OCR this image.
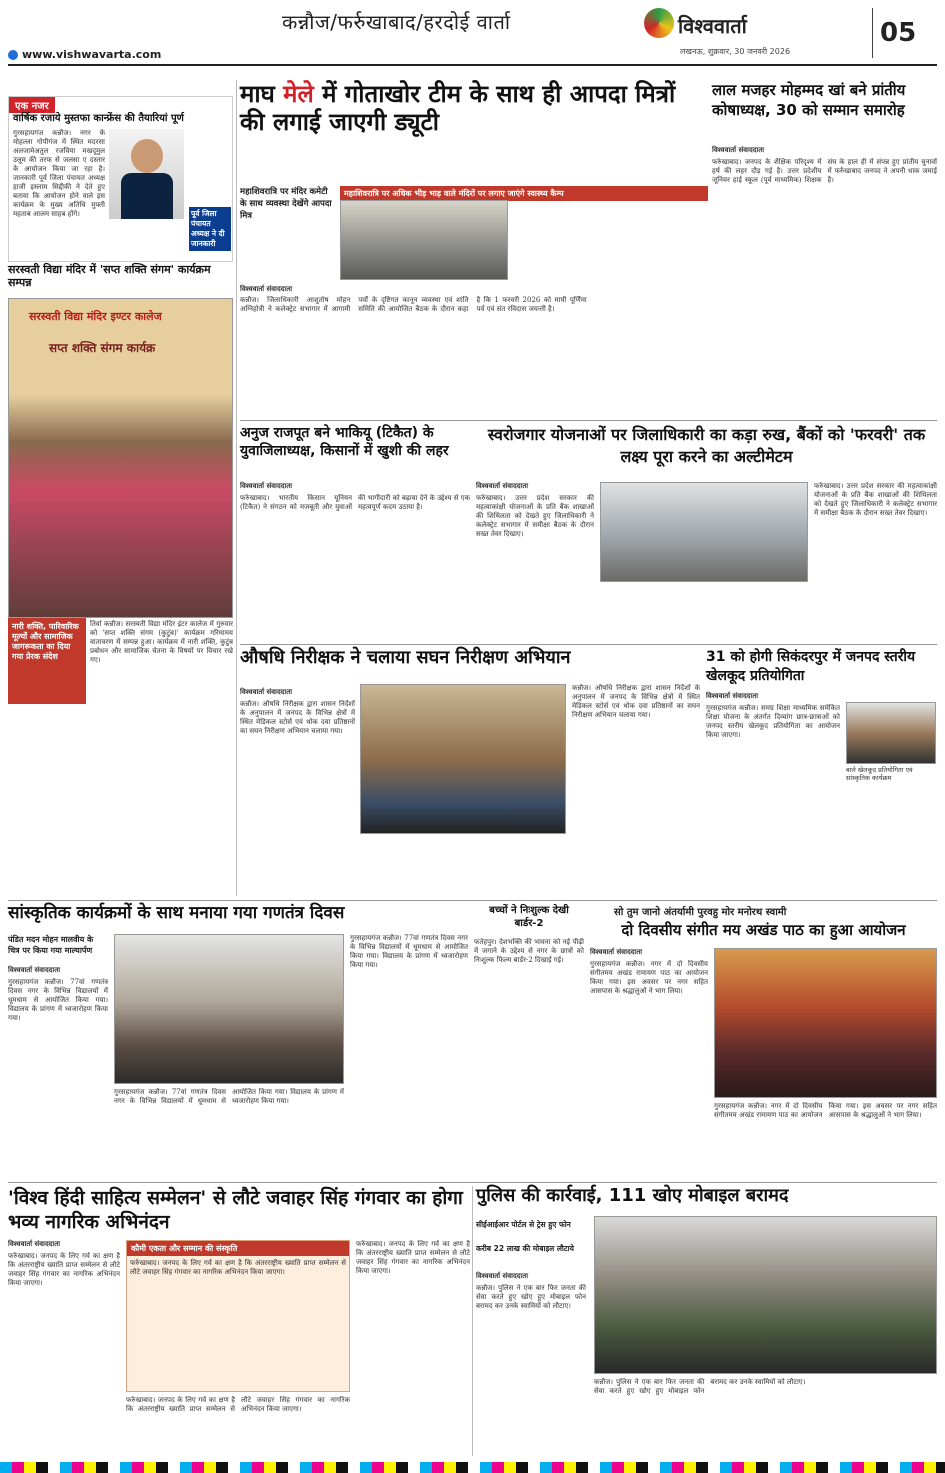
कन्नौज/फर्रुखाबाद/हरदोई वार्ता
www.vishwavarta.com
विश्ववार्ता
लखनऊ, शुक्रवार, 30 जनवरी 2026
05
एक नजर
वार्षिक रजाये मुस्तफा कान्फ्रेंस की तैयारियां पूर्ण
गुरसहायगंज कन्नौज। नगर के मोहल्ला गोपीगंज में स्थित मदरसा अलजामेअतुल रजविया मखदूमुल उलूम की तरफ से जलसा ए दस्तार के आयोजन किया जा रहा है। जानकारी पूर्व जिला पंचायत अध्यक्ष हाजी इस्लाम सिद्दीकी ने देते हुए बताया कि आयोजन होने वाले इस कार्यक्रम के मुख्य अतिथि मुफ्ती महताब आलम साहब होंगे।	पूर्व जिला पंचायत अध्यक्ष ने दी जानकारी
सरस्वती विद्या मंदिर में 'सप्त शक्ति संगम' कार्यक्रम सम्पन्न
सरस्वती विद्या मंदिर इण्टर कालेज
सप्त शक्ति संगम कार्यक्र
नारी शक्ति, पारिवारिक मूल्यों और सामाजिक जागरूकता का दिया गया प्रेरक संदेश
तिर्वा कन्नौज। सरस्वती विद्या मंदिर इंटर कालेज में गुरुवार को 'सप्त शक्ति संगम (कुटुंब)' कार्यक्रम गरिमामय वातावरण में सम्पन्न हुआ। कार्यक्रम में नारी शक्ति, कुटुंब प्रबोधन और सामाजिक चेतना के विषयों पर विचार रखे गए।
माघ मेले में गोताखोर टीम के साथ ही आपदा मित्रों की लगाई जाएगी ड्यूटी
महाशिवरात्रि पर मंदिर कमेटी के साथ व्यवस्था देखेंगे आपदा मित्र
महाशिवरात्रि पर अधिक भीड़ भाड़ वाले मंदिरों पर लगाए जाएंगे स्वास्थ्य कैम्प
विश्ववार्ता संवाददाता
कन्नौज। जिलाधिकारी आशुतोष मोहन अग्निहोत्री ने कलेक्ट्रेट सभागार में आगामी पर्वों के दृष्टिगत कानून व्यवस्था एवं शांति समिति की आयोजित बैठक के दौरान कहा है कि 1 फरवरी 2026 को माघी पूर्णिमा पर्व एवं संत रविदास जयन्ती है।
लाल मजहर मोहम्मद खां बने प्रांतीय कोषाध्यक्ष, 30 को सम्मान समारोह
विश्ववार्ता संवाददाता
फर्रुखाबाद। जनपद के शैक्षिक परिदृश्य में हर्ष की लहर दौड़ गई है। उत्तर प्रदेशीय जूनियर हाई स्कूल (पूर्व माध्यमिक) शिक्षक संघ के हाल ही में संपन्न हुए प्रांतीय चुनावों में फर्रुखाबाद जनपद ने अपनी धाक जमाई है।
अनुज राजपूत बने भाकियू (टिकैत) के युवाजिलाध्यक्ष, किसानों में खुशी की लहर
विश्ववार्ता संवाददाता
फर्रुखाबाद। भारतीय किसान यूनियन (टिकैत) ने संगठन को मजबूती और युवाओं की भागीदारी को बढ़ावा देने के उद्देश्य से एक महत्वपूर्ण कदम उठाया है।
स्वरोजगार योजनाओं पर जिलाधिकारी का कड़ा रुख, बैंकों को 'फरवरी' तक लक्ष्य पूरा करने का अल्टीमेटम
विश्ववार्ता संवाददाता
फर्रुखाबाद। उत्तर प्रदेश सरकार की महत्वाकांक्षी योजनाओं के प्रति बैंक शाखाओं की शिथिलता को देखते हुए जिलाधिकारी ने कलेक्ट्रेट सभागार में समीक्षा बैठक के दौरान सख्त तेवर दिखाए।
फर्रुखाबाद। उत्तर प्रदेश सरकार की महत्वाकांक्षी योजनाओं के प्रति बैंक शाखाओं की शिथिलता को देखते हुए जिलाधिकारी ने कलेक्ट्रेट सभागार में समीक्षा बैठक के दौरान सख्त तेवर दिखाए।
औषधि निरीक्षक ने चलाया सघन निरीक्षण अभियान
विश्ववार्ता संवाददाता
कन्नौज। औषधि निरीक्षक द्वारा शासन निर्देशों के अनुपालन में जनपद के विभिन्न क्षेत्रों में स्थित मेडिकल स्टोर्स एवं थोक दवा प्रतिष्ठानों का सघन निरीक्षण अभियान चलाया गया।
कन्नौज। औषधि निरीक्षक द्वारा शासन निर्देशों के अनुपालन में जनपद के विभिन्न क्षेत्रों में स्थित मेडिकल स्टोर्स एवं थोक दवा प्रतिष्ठानों का सघन निरीक्षण अभियान चलाया गया।
31 को होगी सिकंदरपुर में जनपद स्तरीय खेलकूद प्रतियोगिता
विश्ववार्ता संवाददाता
गुरसहायगंज कन्नौज। समग्र शिक्षा माध्यमिक समेकित शिक्षा योजना के अंतर्गत दिव्यांग छात्र-छात्राओं को जनपद स्तरीय खेलकूद प्रतियोगिता का आयोजन किया जाएगा।
बाले खेलकूद प्रतियोगिता एवं सांस्कृतिक कार्यक्रम
सांस्कृतिक कार्यक्रमों के साथ मनाया गया गणतंत्र दिवस
पंडित मदन मोहन मालवीय के चित्र पर किया गया माल्यार्पण
विश्ववार्ता संवाददाता
गुरसहायगंज कन्नौज। 77वां गणतंत्र दिवस नगर के विभिन्न विद्यालयों में धूमधाम से आयोजित किया गया। विद्यालय के प्रांगण में ध्वजारोहण किया गया।
गुरसहायगंज कन्नौज। 77वां गणतंत्र दिवस नगर के विभिन्न विद्यालयों में धूमधाम से आयोजित किया गया। विद्यालय के प्रांगण में ध्वजारोहण किया गया।
गुरसहायगंज कन्नौज। 77वां गणतंत्र दिवस नगर के विभिन्न विद्यालयों में धूमधाम से आयोजित किया गया। विद्यालय के प्रांगण में ध्वजारोहण किया गया।
बच्चों ने निःशुल्क देखी बार्डर-2
फतेहपुर। देशभक्ति की भावना को नई पीढ़ी में जगाने के उद्देश्य से नगर के छात्रों को निःशुल्क फिल्म बार्डर-2 दिखाई गई।
सो तुम जानो अंतर्यामी पुरवहु मोर मनोरथ स्वामी
दो दिवसीय संगीत मय अखंड पाठ का हुआ आयोजन
विश्ववार्ता संवाददाता
गुरसहायगंज कन्नौज। नगर में दो दिवसीय संगीतमय अखंड रामायण पाठ का आयोजन किया गया। इस अवसर पर नगर सहित आसपास के श्रद्धालुओं ने भाग लिया।
गुरसहायगंज कन्नौज। नगर में दो दिवसीय संगीतमय अखंड रामायण पाठ का आयोजन किया गया। इस अवसर पर नगर सहित आसपास के श्रद्धालुओं ने भाग लिया।
'विश्व हिंदी साहित्य सम्मेलन' से लौटे जवाहर सिंह गंगवार का होगा भव्य नागरिक अभिनंदन
विश्ववार्ता संवाददाता
फर्रुखाबाद। जनपद के लिए गर्व का क्षण है कि अंतरराष्ट्रीय ख्याति प्राप्त सम्मेलन से लौटे जवाहर सिंह गंगवार का नागरिक अभिनंदन किया जाएगा।
कौमी एकता और सम्मान की संस्कृति
फर्रुखाबाद। जनपद के लिए गर्व का क्षण है कि अंतरराष्ट्रीय ख्याति प्राप्त सम्मेलन से लौटे जवाहर सिंह गंगवार का नागरिक अभिनंदन किया जाएगा।
फर्रुखाबाद। जनपद के लिए गर्व का क्षण है कि अंतरराष्ट्रीय ख्याति प्राप्त सम्मेलन से लौटे जवाहर सिंह गंगवार का नागरिक अभिनंदन किया जाएगा।
फर्रुखाबाद। जनपद के लिए गर्व का क्षण है कि अंतरराष्ट्रीय ख्याति प्राप्त सम्मेलन से लौटे जवाहर सिंह गंगवार का नागरिक अभिनंदन किया जाएगा।
पुलिस की कार्रवाई, 111 खोए मोबाइल बरामद
सीईआईआर पोर्टल से ट्रेस हुए फोन
करीब 22 लाख की मोबाइल लौटाये
विश्ववार्ता संवाददाता
कन्नौज। पुलिस ने एक बार फिर जनता की सेवा करते हुए खोए हुए मोबाइल फोन बरामद कर उनके स्वामियों को लौटाए।
कन्नौज। पुलिस ने एक बार फिर जनता की सेवा करते हुए खोए हुए मोबाइल फोन बरामद कर उनके स्वामियों को लौटाए।
